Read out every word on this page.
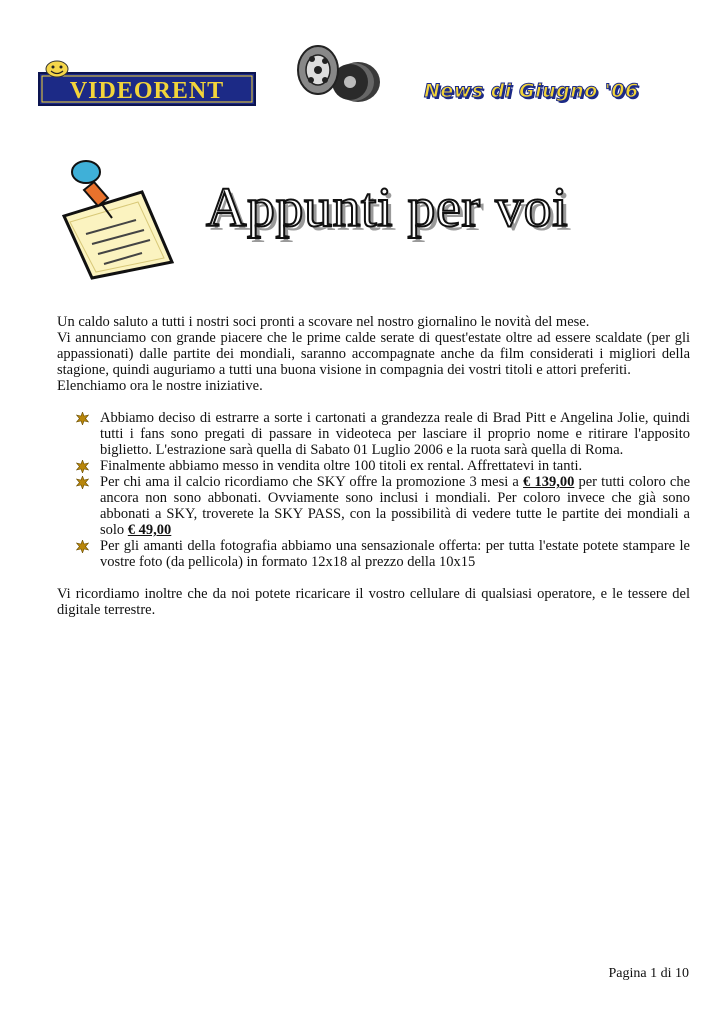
VIDEORENT	News di Giugno '06
Appunti per voi

Un caldo saluto a tutti i nostri soci pronti a scovare nel nostro giornalino le novità del mese.

Vi annunciamo con grande piacere che le prime calde serate di quest'estate oltre ad essere scaldate (per gli appassionati) dalle partite dei mondiali, saranno accompagnate anche da film considerati i migliori della stagione, quindi auguriamo a tutti una buona visione in compagnia dei vostri titoli e attori preferiti.

Elenchiamo ora le nostre iniziative.

Abbiamo deciso di estrarre a sorte i cartonati a grandezza reale di Brad Pitt e Angelina Jolie, quindi tutti i fans sono pregati di passare in videoteca per lasciare il proprio nome e ritirare l'apposito biglietto. L'estrazione sarà quella di Sabato 01 Luglio 2006 e la ruota sarà quella di Roma.
Finalmente abbiamo messo in vendita oltre 100 titoli ex rental. Affrettatevi in tanti.
Per chi ama il calcio ricordiamo che SKY offre la promozione 3 mesi a € 139,00 per tutti coloro che ancora non sono abbonati. Ovviamente sono inclusi i mondiali. Per coloro invece che già sono abbonati a SKY, troverete la SKY PASS, con la possibilità di vedere tutte le partite dei mondiali a solo € 49,00
Per gli amanti della fotografia abbiamo una sensazionale offerta: per tutta l'estate potete stampare le vostre foto (da pellicola) in formato 12x18 al prezzo della 10x15

Vi ricordiamo inoltre che da noi potete ricaricare il vostro cellulare di qualsiasi operatore, e le tessere del digitale terrestre.

Pagina 1 di 10
